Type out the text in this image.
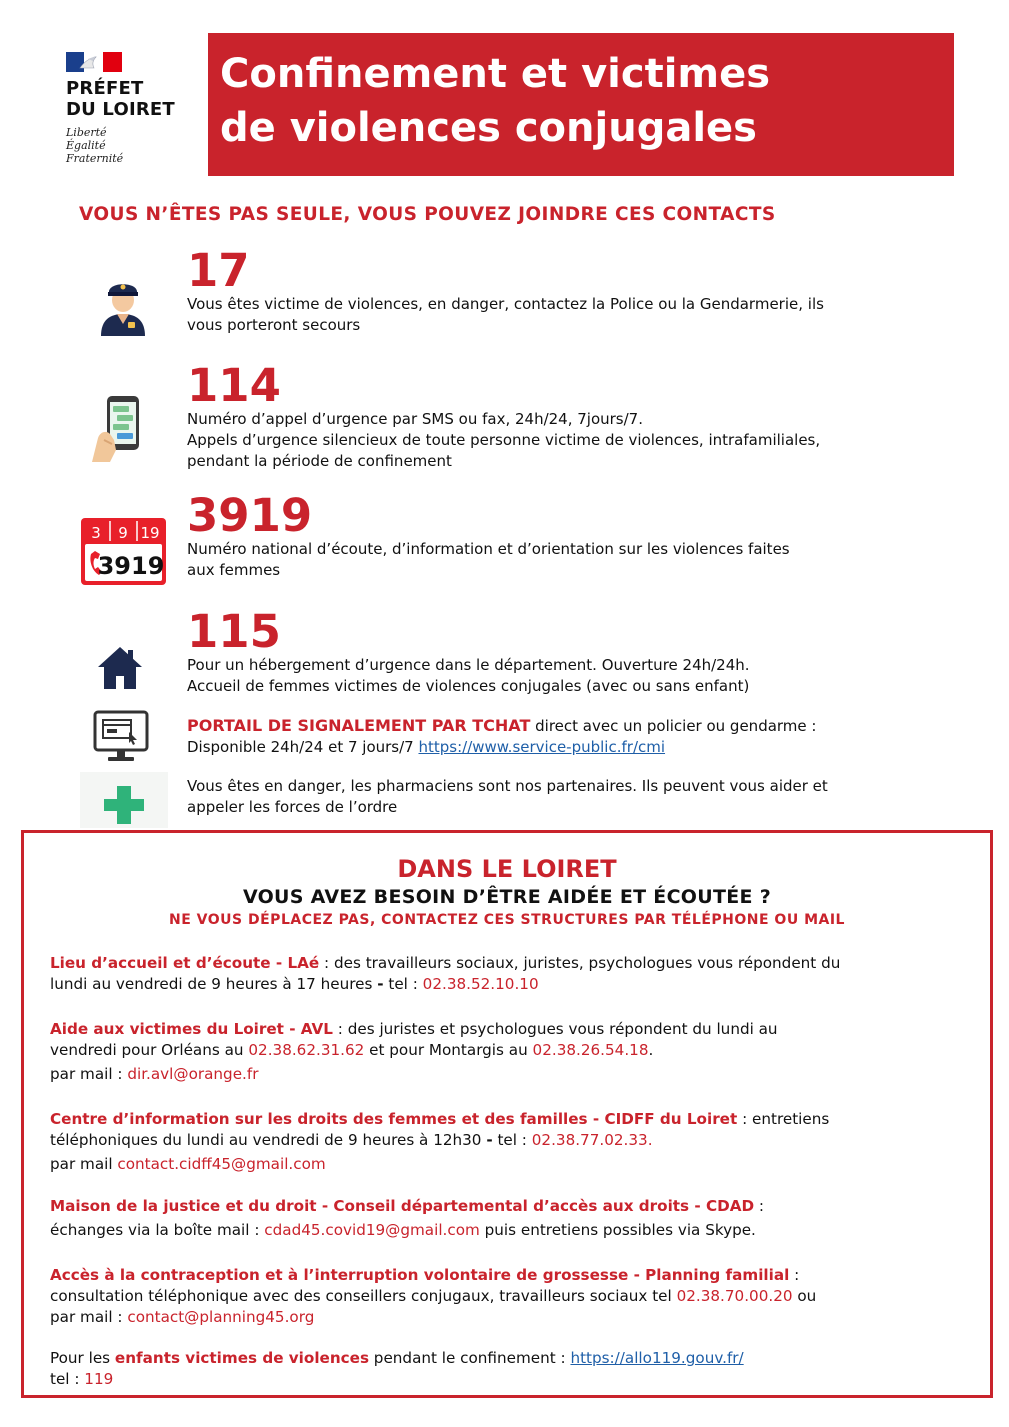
PRÉFET
DU LOIRET
Liberté
Égalité
Fraternité
Confinement et victimes
de violences conjugales
VOUS N’ÊTES PAS SEULE, VOUS POUVEZ JOINDRE CES CONTACTS
17
Vous êtes victime de violences, en danger, contactez la Police ou la Gendarmerie, ils
vous porteront secours
114
Numéro d’appel d’urgence par SMS ou fax, 24h/24, 7jours/7.
Appels d’urgence silencieux de toute personne victime de violences, intrafamiliales,
pendant la période de confinement
3 9 19
3919
3919
Numéro national d’écoute, d’information et d’orientation sur les violences faites
aux femmes
115
Pour un hébergement d’urgence dans le département. Ouverture 24h/24h.
Accueil de femmes victimes de violences conjugales (avec ou sans enfant)
PORTAIL DE SIGNALEMENT PAR TCHAT direct avec un policier ou gendarme :
Disponible 24h/24 et 7 jours/7 https://www.service-public.fr/cmi
Vous êtes en danger, les pharmaciens sont nos partenaires. Ils peuvent vous aider et
appeler les forces de l’ordre
DANS LE LOIRET
VOUS AVEZ BESOIN D’ÊTRE AIDÉE ET ÉCOUTÉE ?
NE VOUS DÉPLACEZ PAS, CONTACTEZ CES STRUCTURES PAR TÉLÉPHONE OU MAIL
Lieu d’accueil et d’écoute - LAé : des travailleurs sociaux, juristes, psychologues vous répondent du
lundi au vendredi de 9 heures à 17 heures - tel : 02.38.52.10.10
Aide aux victimes du Loiret - AVL : des juristes et psychologues vous répondent du lundi au
vendredi pour Orléans au 02.38.62.31.62 et pour Montargis au 02.38.26.54.18.
par mail : dir.avl@orange.fr
Centre d’information sur les droits des femmes et des familles - CIDFF du Loiret : entretiens
téléphoniques du lundi au vendredi de 9 heures à 12h30 - tel : 02.38.77.02.33.
par mail contact.cidff45@gmail.com
Maison de la justice et du droit - Conseil départemental d’accès aux droits - CDAD :
échanges via la boîte mail : cdad45.covid19@gmail.com puis entretiens possibles via Skype.
Accès à la contraception et à l’interruption volontaire de grossesse - Planning familial :
consultation téléphonique avec des conseillers conjugaux, travailleurs sociaux tel 02.38.70.00.20 ou
par mail : contact@planning45.org
Pour les enfants victimes de violences pendant le confinement : https://allo119.gouv.fr/
tel : 119
